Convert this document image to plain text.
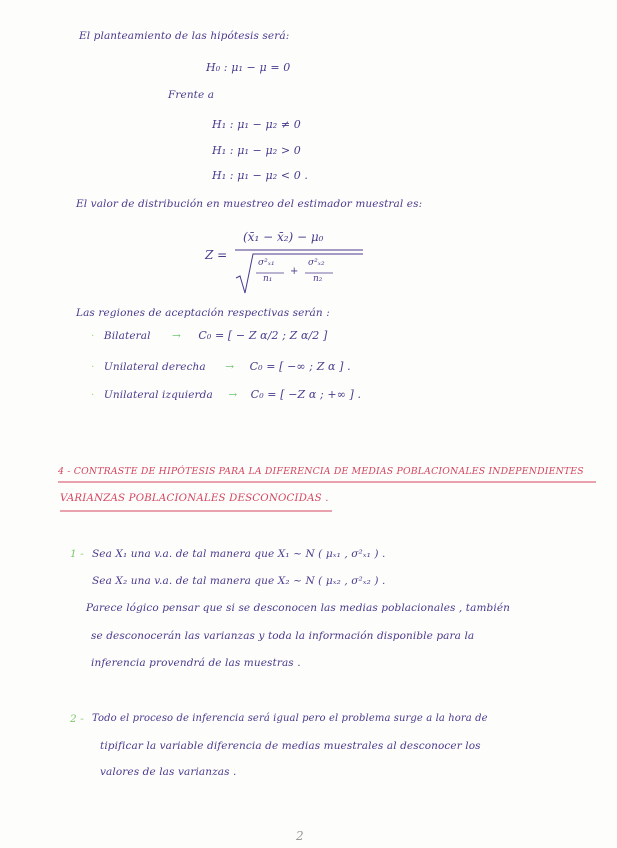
El planteamiento de las hipótesis será:
H₀ : μ₁ − μ = 0
Frente a
H₁ : μ₁ − μ₂ ≠ 0
H₁ : μ₁ − μ₂ > 0
H₁ : μ₁ − μ₂ < 0 .
El valor de distribución en muestreo del estimador muestral es:
Z =
(x̄₁ − x̄₂) − μ₀
σ²ₓ₁
n₁
+
σ²ₓ₂
n₂
Las regiones de aceptación respectivas serán :
· Bilateral → C₀ = [ − Z α/2 ; Z α/2 ]
· Unilateral derecha → C₀ = [ −∞ ; Z α ] .
· Unilateral izquierda → C₀ = [ −Z α ; +∞ ] .
4 - CONTRASTE DE HIPÓTESIS PARA LA DIFERENCIA DE MEDIAS POBLACIONALES INDEPENDIENTES
VARIANZAS POBLACIONALES DESCONOCIDAS .
1 - Sea X₁ una v.a. de tal manera que X₁ ~ N ( μₓ₁ , σ²ₓ₁ ) .
Sea X₂ una v.a. de tal manera que X₂ ~ N ( μₓ₂ , σ²ₓ₂ ) .
Parece lógico pensar que si se desconocen las medias poblacionales , también
se desconocerán las varianzas y toda la información disponible para la
inferencia provendrá de las muestras .
2 - Todo el proceso de inferencia será igual pero el problema surge a la hora de
tipificar la variable diferencia de medias muestrales al desconocer los
valores de las varianzas .
2
